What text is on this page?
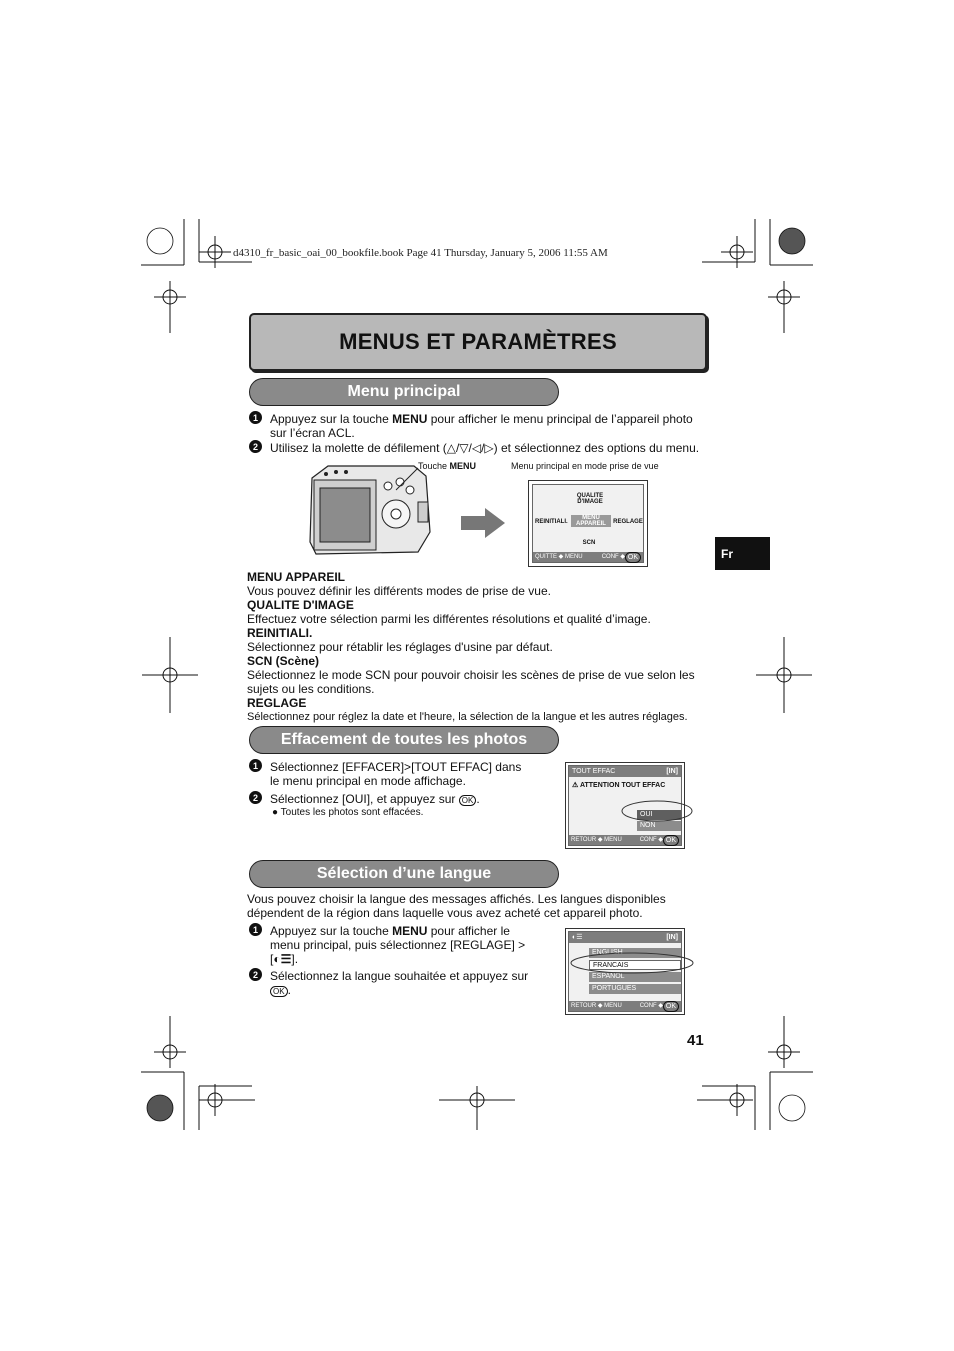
d4310_fr_basic_oai_00_bookfile.book Page 41 Thursday, January 5, 2006 11:55 AM
MENUS ET PARAMÈTRES
Fr
Menu principal
1	Appuyez sur la touche MENU pour afficher le menu principal de l’appareil photo sur l’écran ACL.
2	Utilisez la molette de défilement (△/▽/◁/▷) et sélectionnez des options du menu.
Touche MENU	Menu principal en mode prise de vue
QUALITE D'IMAGE
REINITIALI.
MENU APPAREIL	REGLAGE
SCN
QUITTE ◆ MENU	CONF ◆ OK
MENU APPAREIL
Vous pouvez définir les différents modes de prise de vue.
QUALITE D'IMAGE
Effectuez votre sélection parmi les différentes résolutions et qualité d’image.
REINITIALI.
Sélectionnez pour rétablir les réglages d'usine par défaut.
SCN (Scène)
Sélectionnez le mode SCN pour pouvoir choisir les scènes de prise de vue selon les sujets ou les conditions.
REGLAGE
Sélectionnez pour réglez la date et l'heure, la sélection de la langue et les autres réglages.
Effacement de toutes les photos
1	Sélectionnez [EFFACER]>[TOUT EFFAC] dans le menu principal en mode affichage.
2	Sélectionnez [OUI], et appuyez sur OK .
● Toutes les photos sont effacées.
TOUT EFFAC	[IN]
⚠ ATTENTION TOUT EFFAC
OUI
NON
RETOUR ◆ MENU	CONF ◆ OK
Sélection d’une langue
Vous pouvez choisir la langue des messages affichés. Les langues disponibles dépendent de la région dans laquelle vous avez acheté cet appareil photo.
1	Appuyez sur la touche MENU pour afficher le menu principal, puis sélectionnez [REGLAGE] > [◐☰].
2	Sélectionnez la langue souhaitée et appuyez sur OK .
◐☰	[IN]
ENGLISH
FRANCAIS
ESPAÑOL
PORTUGUES
RETOUR ◆ MENU	CONF ◆ OK
41
